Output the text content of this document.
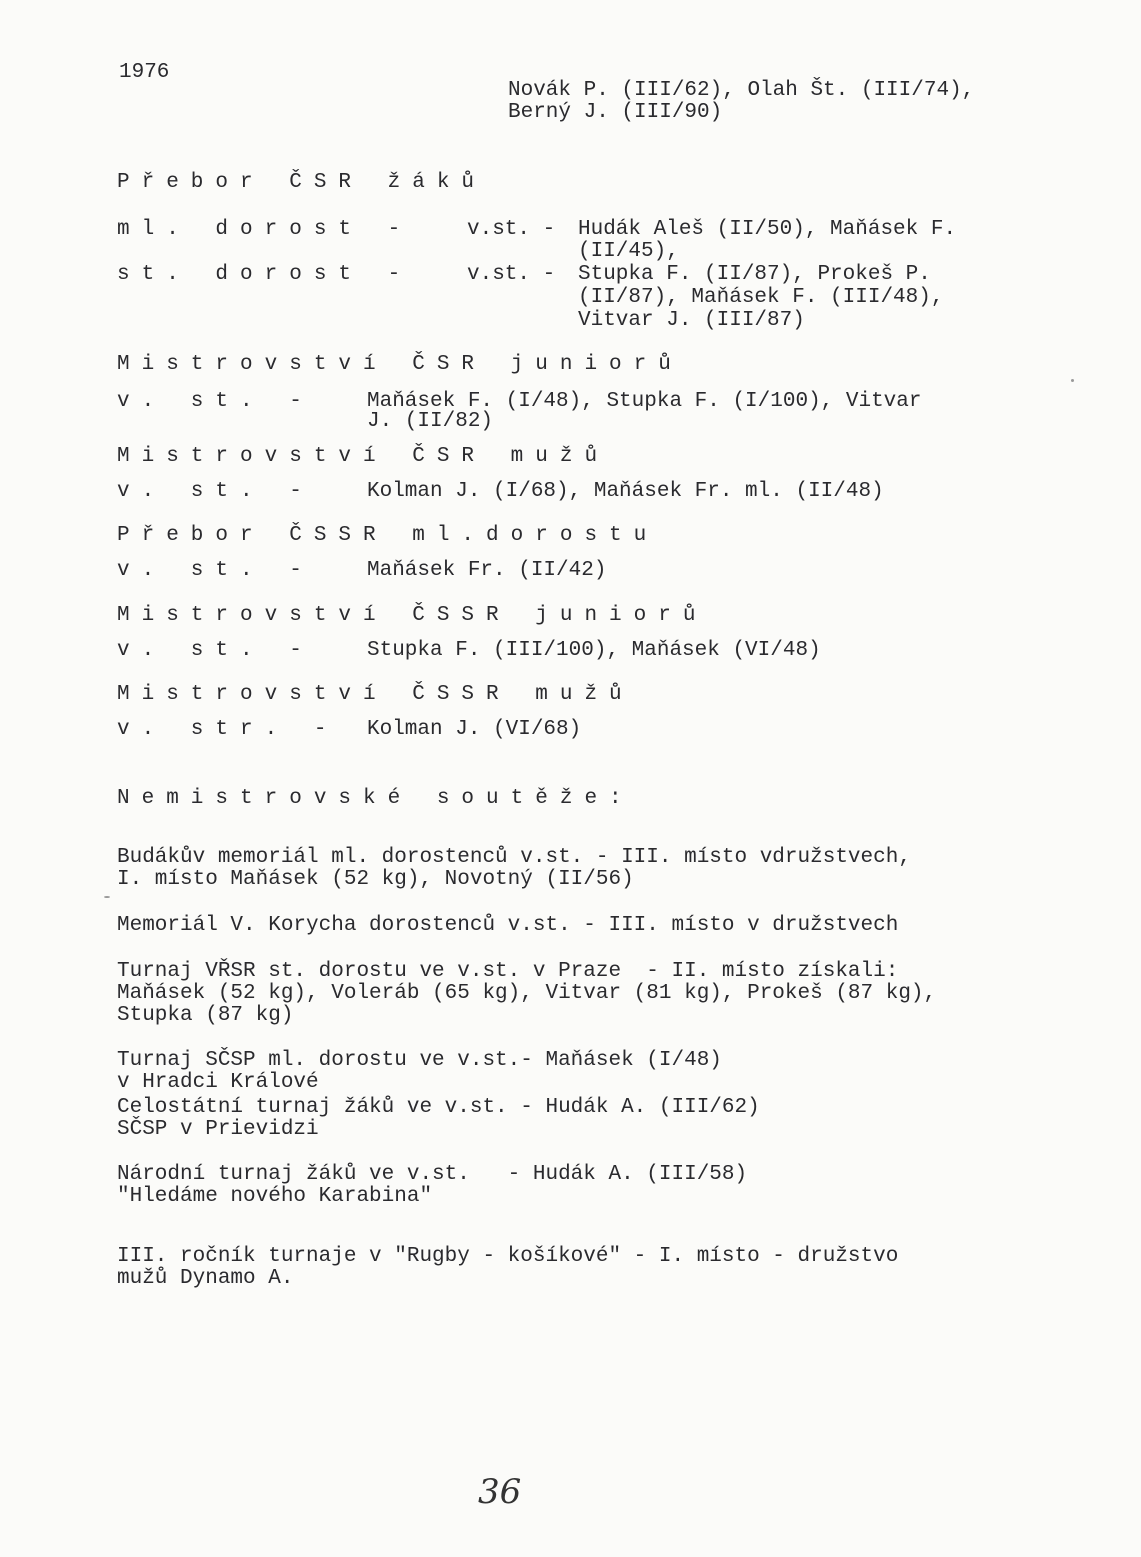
1976
Novák P. (III/62), Olah Št. (III/74),
Berný J. (III/90)
Přebor ČSR žáků
ml. dorost -	v.st. - Hudák Aleš (II/50), Maňásek F.
(II/45),
st. dorost -	v.st. - Stupka F. (II/87), Prokeš P.
(II/87), Maňásek F. (III/48),
Vitvar J. (III/87)
Mistrovství ČSR juniorů
v. st. -	Maňásek F. (I/48), Stupka F. (I/100), Vitvar
J. (II/82)
Mistrovství ČSR mužů
v. st. -	Kolman J. (I/68), Maňásek Fr. ml. (II/48)
Přebor ČSSR ml.dorostu
v. st. -	Maňásek Fr. (II/42)
Mistrovství ČSSR juniorů
v. st. -	Stupka F. (III/100), Maňásek (VI/48)
Mistrovství ČSSR mužů
v. str. - Kolman J. (VI/68)
Nemistrovské soutěže:
Budákův memoriál ml. dorostenců v.st. - III. místo vdružstvech,
I. místo Maňásek (52 kg), Novotný (II/56)
Memoriál V. Korycha dorostenců v.st. - III. místo v družstvech
Turnaj VŘSR st. dorostu ve v.st. v Praze  - II. místo získali:
Maňásek (52 kg), Voleráb (65 kg), Vitvar (81 kg), Prokeš (87 kg),
Stupka (87 kg)
Turnaj SČSP ml. dorostu ve v.st.- Maňásek (I/48)
v Hradci Králové
Celostátní turnaj žáků ve v.st. - Hudák A. (III/62)
SČSP v Prievidzi
Národní turnaj žáků ve v.st.   - Hudák A. (III/58)
"Hledáme nového Karabina"
III. ročník turnaje v "Rugby - košíkové" - I. místo - družstvo
mužů Dynamo A.
36
